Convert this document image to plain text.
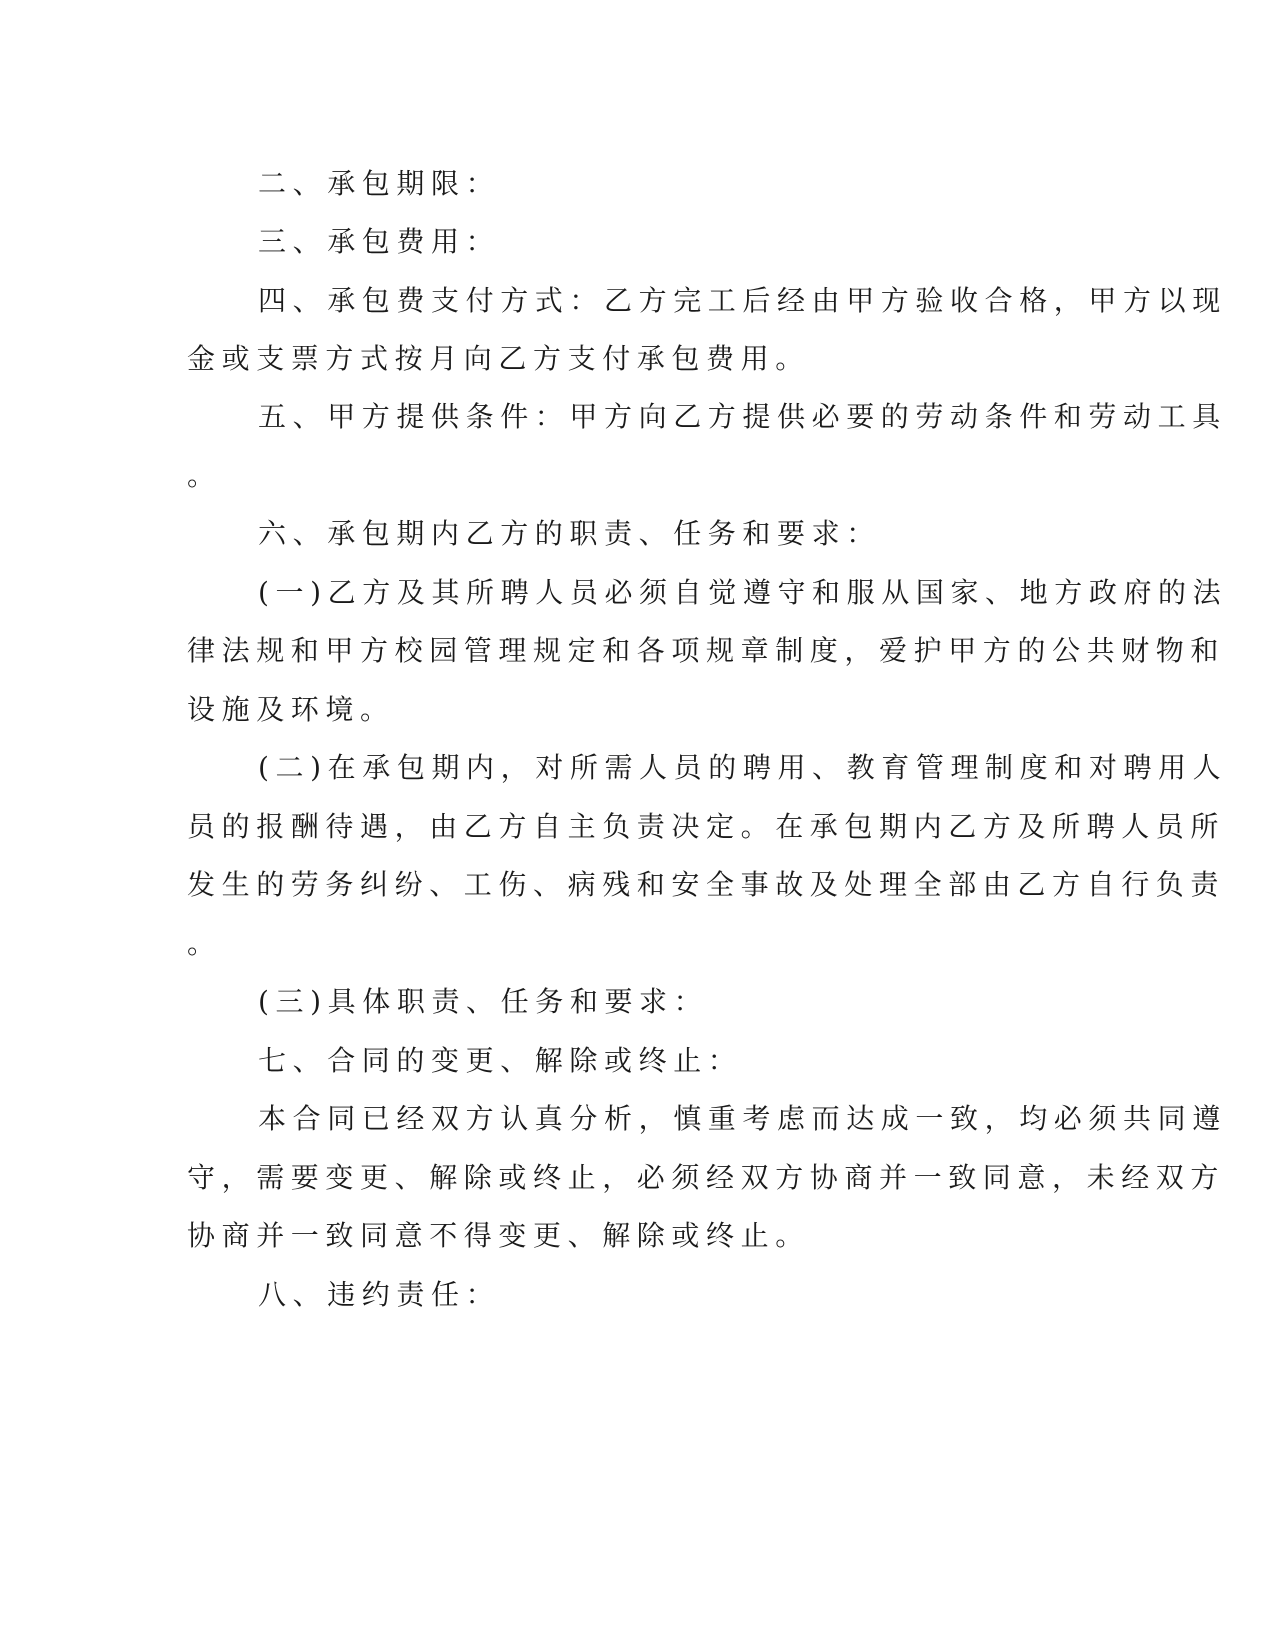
二、承包期限：
三、承包费用：
四、承包费支付方式：乙方完工后经由甲方验收合格，甲方以现
金或支票方式按月向乙方支付承包费用。
五、甲方提供条件：甲方向乙方提供必要的劳动条件和劳动工具
。
六、承包期内乙方的职责、任务和要求：
(一)乙方及其所聘人员必须自觉遵守和服从国家、地方政府的法
律法规和甲方校园管理规定和各项规章制度，爱护甲方的公共财物和
设施及环境。
(二)在承包期内，对所需人员的聘用、教育管理制度和对聘用人
员的报酬待遇，由乙方自主负责决定。在承包期内乙方及所聘人员所
发生的劳务纠纷、工伤、病残和安全事故及处理全部由乙方自行负责
。
(三)具体职责、任务和要求：
七、合同的变更、解除或终止：
本合同已经双方认真分析，慎重考虑而达成一致，均必须共同遵
守，需要变更、解除或终止，必须经双方协商并一致同意，未经双方
协商并一致同意不得变更、解除或终止。
八、违约责任：
